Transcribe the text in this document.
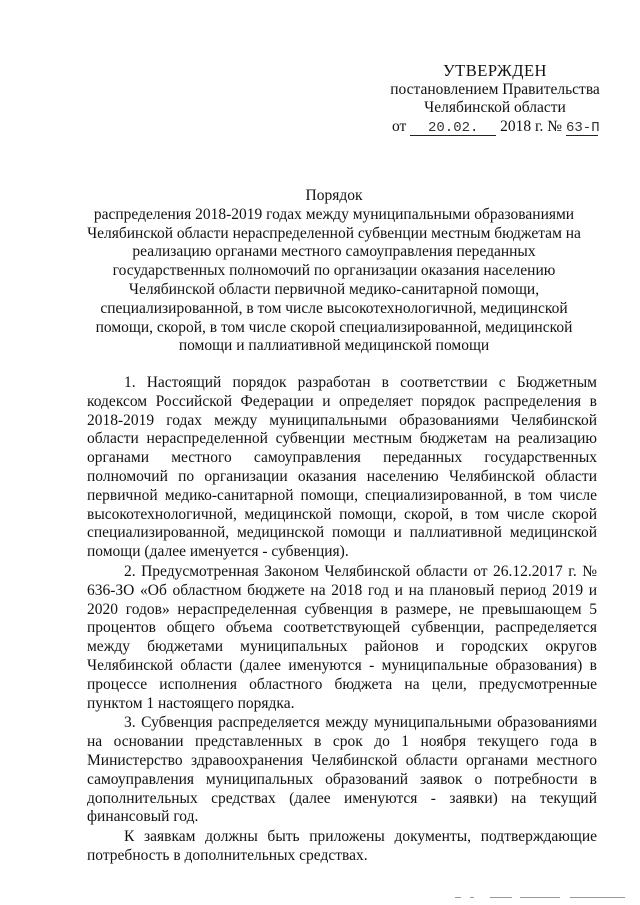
УТВЕРЖДЕН
постановлением Правительства
Челябинской области
от 20.02. 2018 г. № 63-П
Порядок
распределения 2018-2019 годах между муниципальными образованиями
Челябинской области нераспределенной субвенции местным бюджетам на
реализацию органами местного самоуправления переданных
государственных полномочий по организации оказания населению
Челябинской области первичной медико-санитарной помощи,
специализированной, в том числе высокотехнологичной, медицинской
помощи, скорой, в том числе скорой специализированной, медицинской
помощи и паллиативной медицинской помощи

1. Настоящий порядок разработан в соответствии с Бюджетным кодексом Российской Федерации и определяет порядок распределения в 2018-2019 годах между муниципальными образованиями Челябинской области нераспределенной субвенции местным бюджетам на реализацию органами местного самоуправления переданных государственных полномочий по организации оказания населению Челябинской области первичной медико-санитарной помощи, специализированной, в том числе высокотехнологичной, медицинской помощи, скорой, в том числе скорой специализированной, медицинской помощи и паллиативной медицинской помощи (далее именуется - субвенция).

2. Предусмотренная Законом Челябинской области от 26.12.2017 г. № 636-ЗО «Об областном бюджете на 2018 год и на плановый период 2019 и 2020 годов» нераспределенная субвенция в размере, не превышающем 5 процентов общего объема соответствующей субвенции, распределяется между бюджетами муниципальных районов и городских округов Челябинской области (далее именуются - муниципальные образования) в процессе исполнения областного бюджета на цели, предусмотренные пунктом 1 настоящего порядка.

3. Субвенция распределяется между муниципальными образованиями на основании представленных в срок до 1 ноября текущего года в Министерство здравоохранения Челябинской области органами местного самоуправления муниципальных образований заявок о потребности в дополнительных средствах (далее именуются - заявки) на текущий финансовый год.

К заявкам должны быть приложены документы, подтверждающие потребность в дополнительных средствах.
